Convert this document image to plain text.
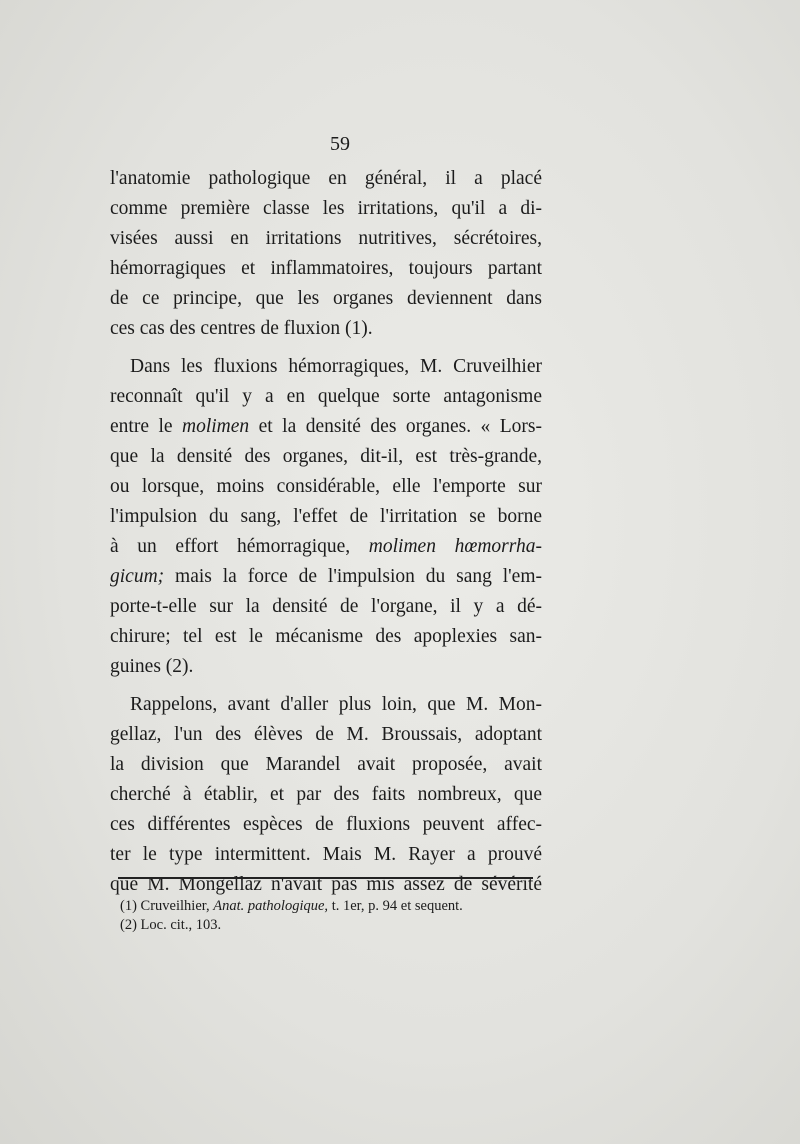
59
l'anatomie pathologique en général, il a placé
comme première classe les irritations, qu'il a di-
visées aussi en irritations nutritives, sécrétoires,
hémorragiques et inflammatoires, toujours partant
de ce principe, que les organes deviennent dans
ces cas des centres de fluxion (1).
Dans les fluxions hémorragiques, M. Cruveilhier
reconnaît qu'il y a en quelque sorte antagonisme
entre le molimen et la densité des organes. « Lors-
que la densité des organes, dit-il, est très-grande,
ou lorsque, moins considérable, elle l'emporte sur
l'impulsion du sang, l'effet de l'irritation se borne
à un effort hémorragique, molimen hœmorrha-
gicum; mais la force de l'impulsion du sang l'em-
porte-t-elle sur la densité de l'organe, il y a dé-
chirure; tel est le mécanisme des apoplexies san-
guines (2).
Rappelons, avant d'aller plus loin, que M. Mon-
gellaz, l'un des élèves de M. Broussais, adoptant
la division que Marandel avait proposée, avait
cherché à établir, et par des faits nombreux, que
ces différentes espèces de fluxions peuvent affec-
ter le type intermittent. Mais M. Rayer a prouvé
que M. Mongellaz n'avait pas mis assez de sévérité
(1) Cruveilhier, Anat. pathologique, t. 1er, p. 94 et sequent.
(2) Loc. cit., 103.
